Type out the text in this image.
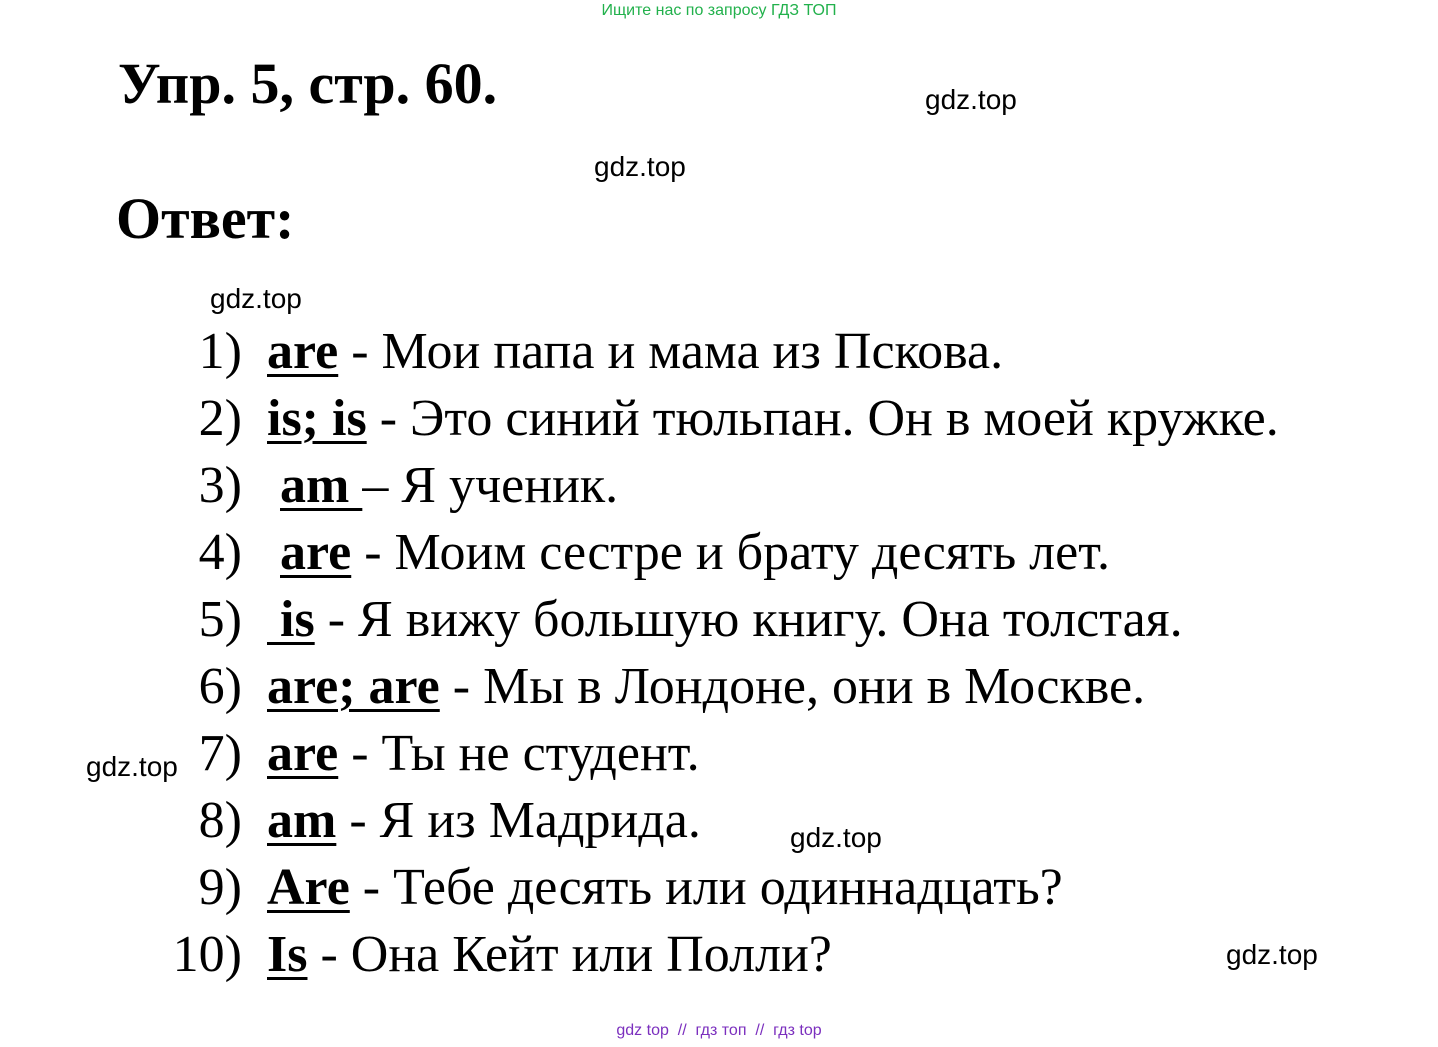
Ищите нас по запросу ГДЗ ТОП
Упр. 5, стр. 60.	gdz.top
gdz.top
Ответ:
gdz.top
1) are - Мои папа и мама из Пскова.
2) is; is - Это синий тюльпан. Он в моей кружке.
3) am – Я ученик.
4) are - Моим сестре и брату десять лет.
5) is - Я вижу большую книгу. Она толстая.
6) are; are - Мы в Лондоне, они в Москве.
7) are - Ты не студент.
8) am - Я из Мадрида.
9) Are - Тебе десять или одиннадцать?
10) Is - Она Кейт или Полли?
gdz.top
gdz.top
gdz.top
gdz top  //  гдз топ  //  гдз top
